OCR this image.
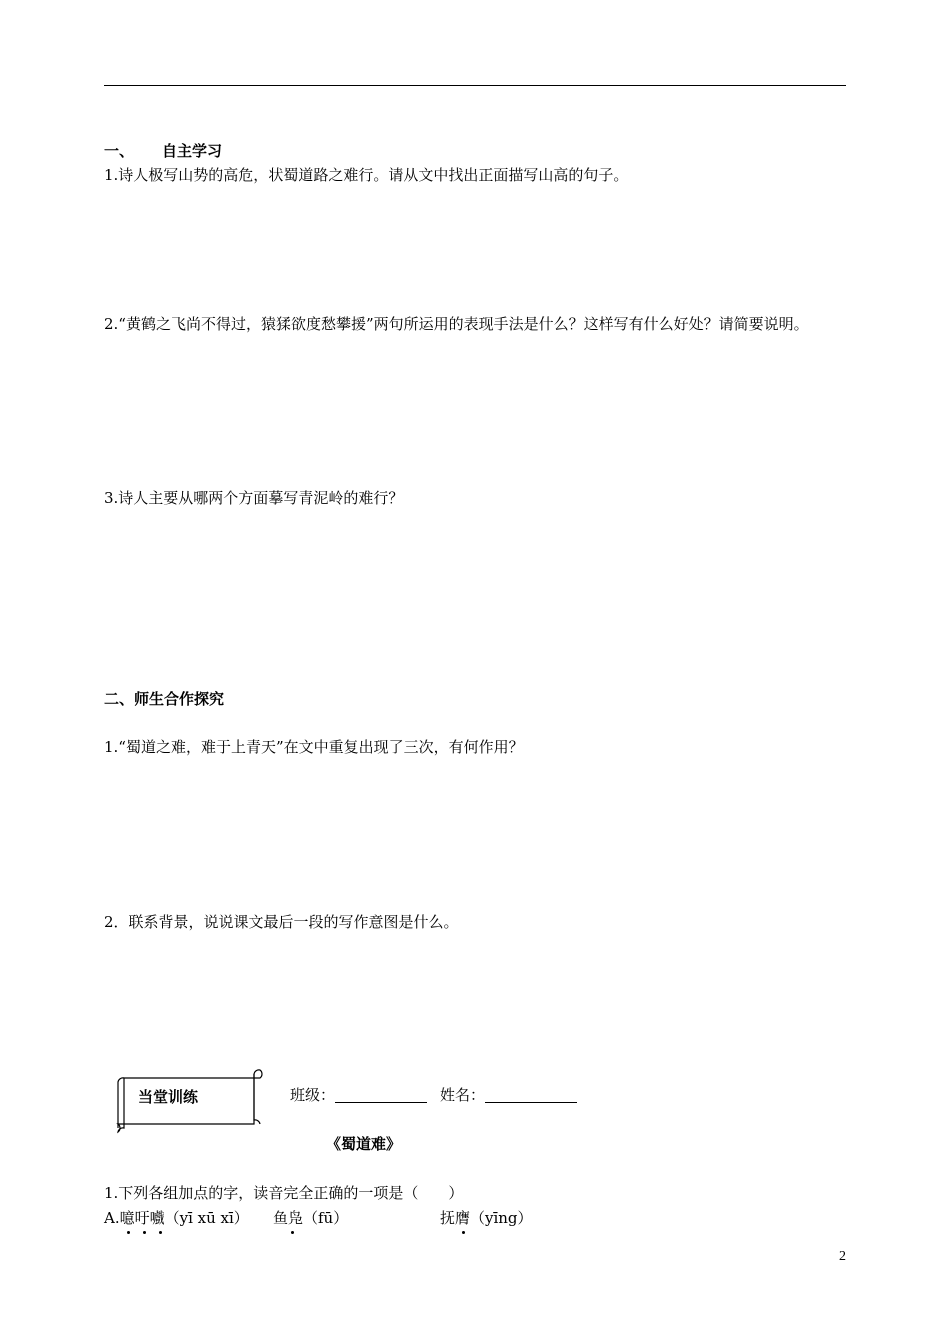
一、 自主学习
1.诗人极写山势的高危，状蜀道路之难行。请从文中找出正面描写山高的句子。
2.“黄鹤之飞尚不得过，猿猱欲度愁攀援”两句所运用的表现手法是什么？这样写有什么好处？请简要说明。
3.诗人主要从哪两个方面摹写青泥岭的难行？
二、师生合作探究
1.“蜀道之难，难于上青天”在文中重复出现了三次，有何作用？
2．联系背景，说说课文最后一段的写作意图是什么。
当堂训练	班级：	姓名：
《蜀道难》
1.下列各组加点的字，读音完全正确的一项是（　　）
A.噫吁嚱（yī xū xī） 鱼凫（fū）	抚膺（yīng）
2
